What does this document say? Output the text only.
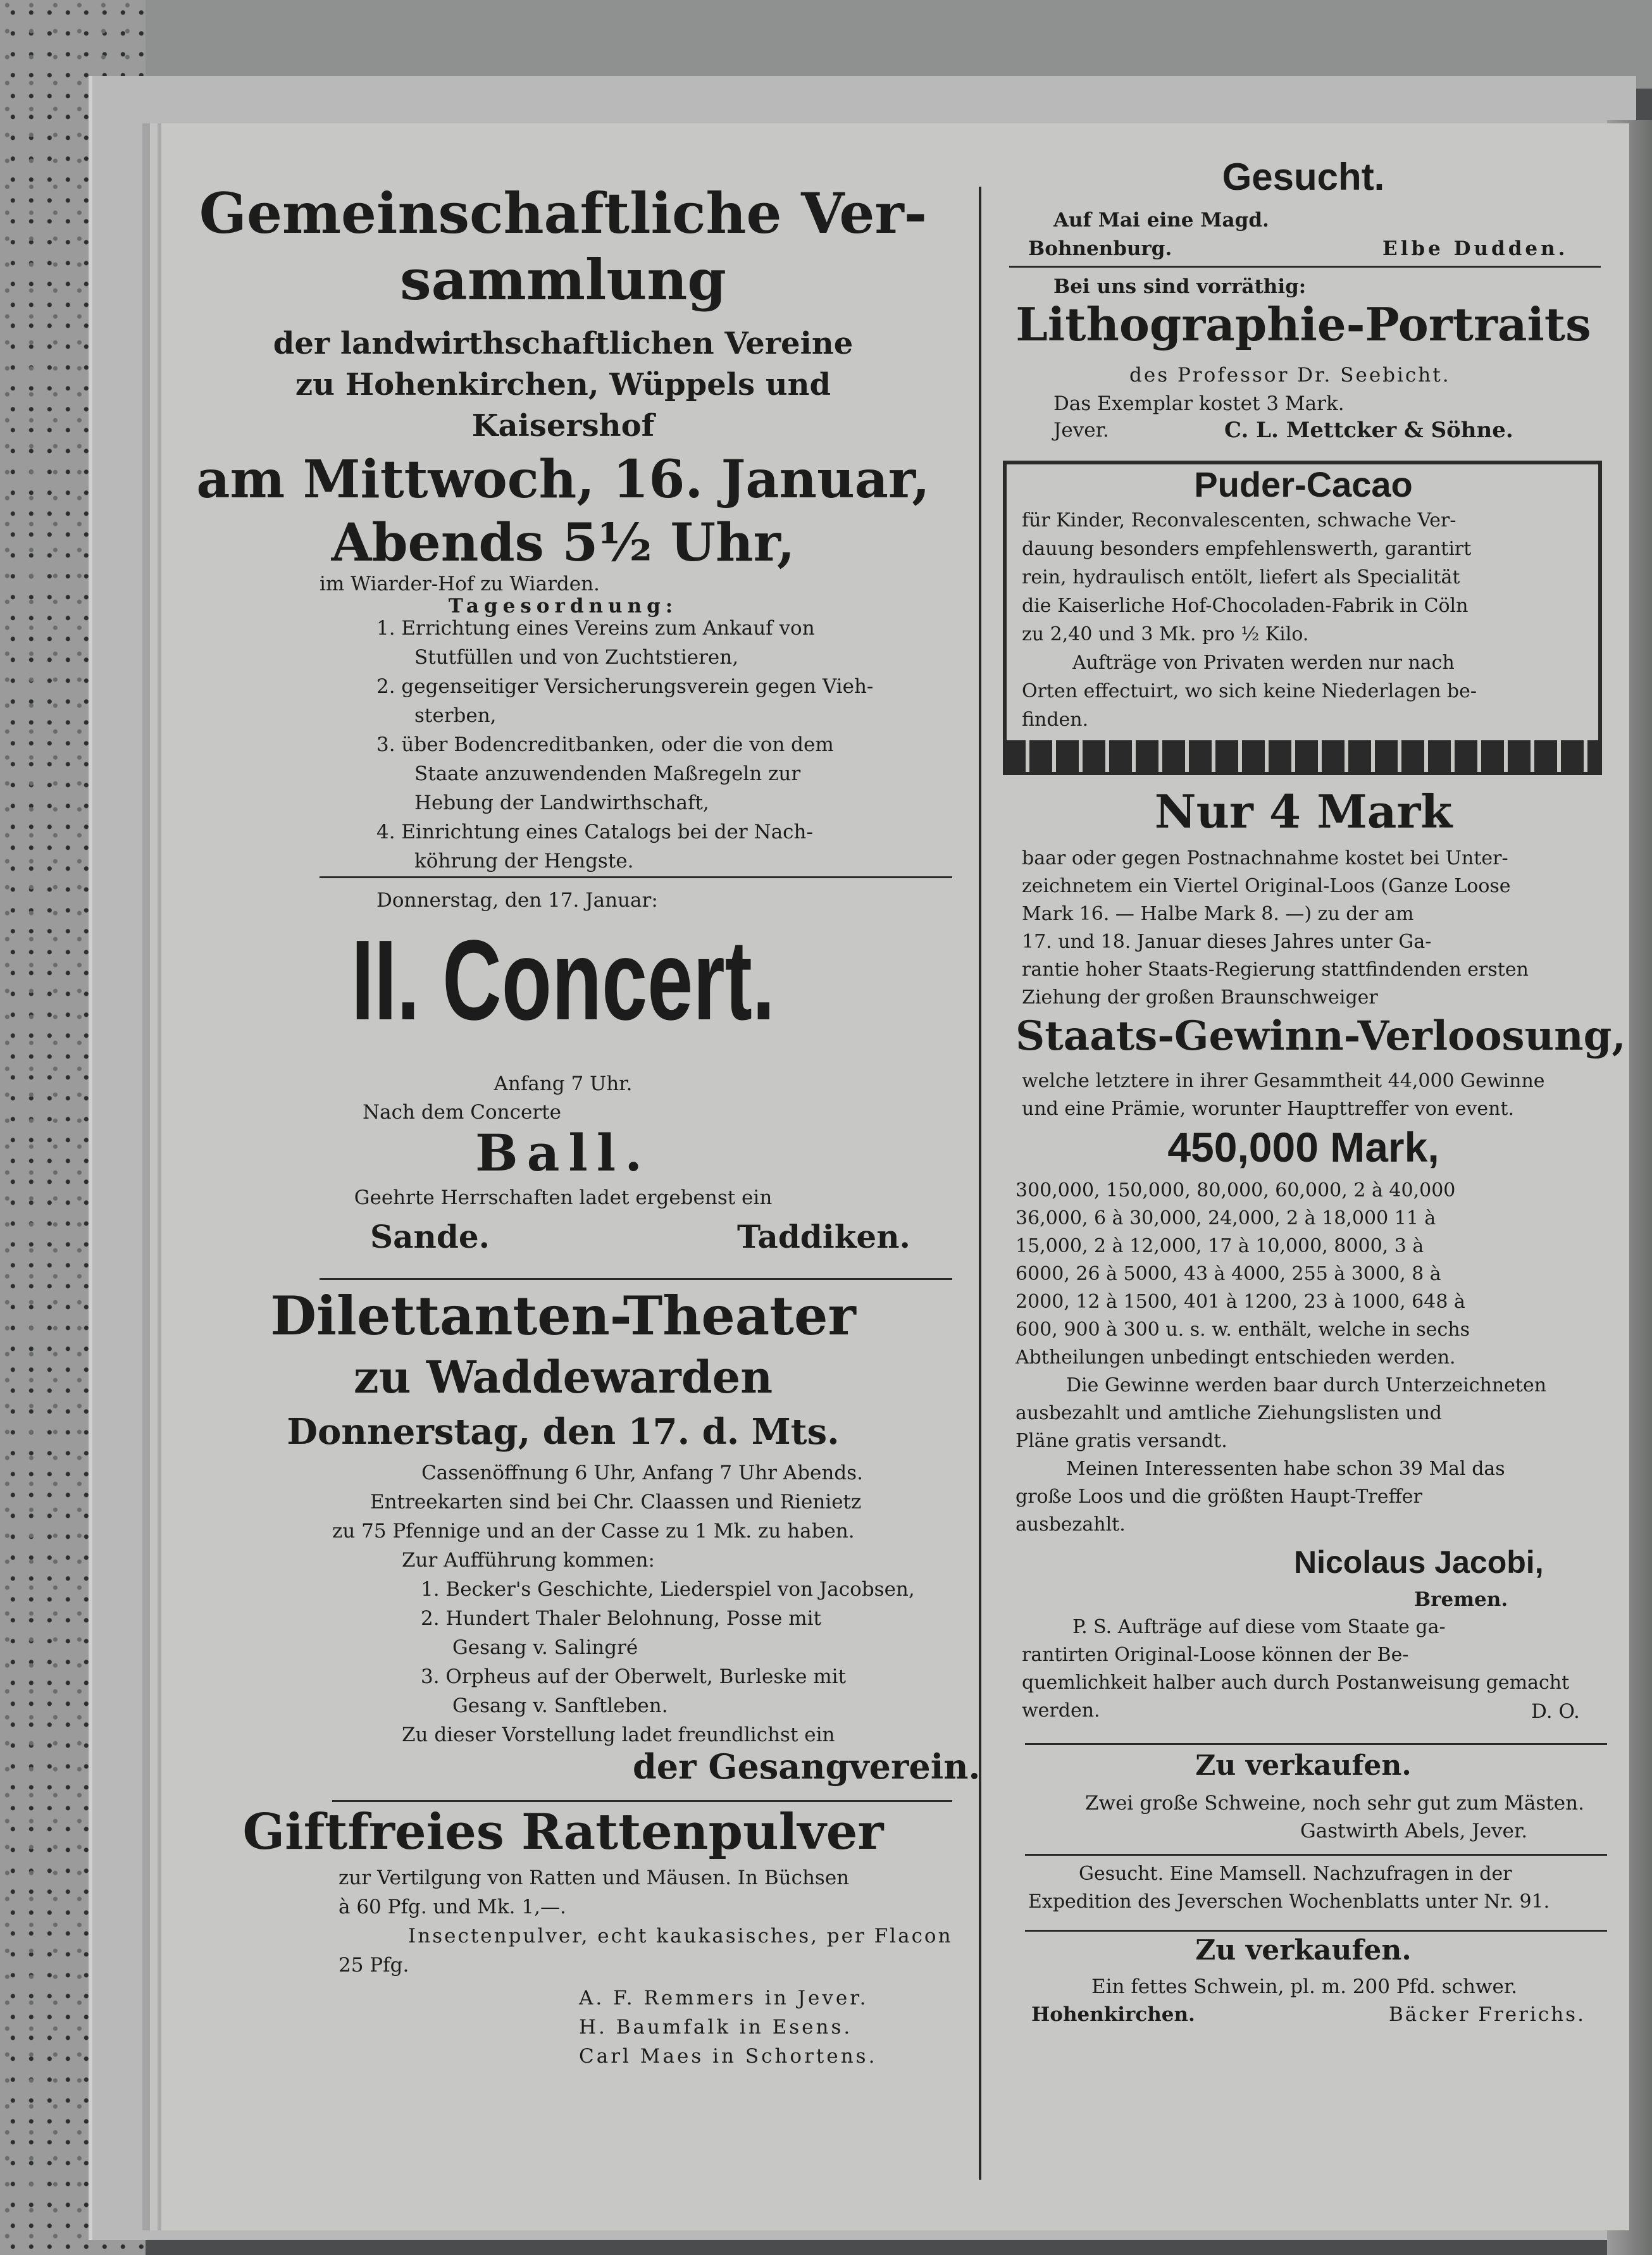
Gemeinschaftliche Ver-

sammlung

der landwirthschaftlichen Vereine

zu Hohenkirchen, Wüppels und

Kaisershof

am Mittwoch, 16. Januar,

Abends 5½ Uhr,

im Wiarder-Hof zu Wiarden.

Tagesordnung:

1. Errichtung eines Vereins zum Ankauf von
Stutfüllen und von Zuchtstieren,
2. gegenseitiger Versicherungsverein gegen Vieh-
sterben,
3. über Bodencreditbanken, oder die von dem
Staate anzuwendenden Maßregeln zur
Hebung der Landwirthschaft,
4. Einrichtung eines Catalogs bei der Nach-
köhrung der Hengste.

Donnerstag, den 17. Januar:

II. Concert.

Anfang 7 Uhr.

Nach dem Concerte

Ball.

Geehrte Herrschaften ladet ergebenst ein

Sande.	Taddiken.

Dilettanten-Theater

zu Waddewarden

Donnerstag, den 17. d. Mts.

Cassenöffnung 6 Uhr, Anfang 7 Uhr Abends.
Entreekarten sind bei Chr. Claassen und Rienietz
zu 75 Pfennige und an der Casse zu 1 Mk. zu haben.
Zur Aufführung kommen:
1. Becker's Geschichte, Liederspiel von Jacobsen,
2. Hundert Thaler Belohnung, Posse mit
Gesang v. Salingré
3. Orpheus auf der Oberwelt, Burleske mit
Gesang v. Sanftleben.
Zu dieser Vorstellung ladet freundlichst ein

der Gesangverein.

Giftfreies Rattenpulver

zur Vertilgung von Ratten und Mäusen. In Büchsen
à 60 Pfg. und Mk. 1,—.
Insectenpulver, echt kaukasisches, per Flacon
25 Pfg.
A. F. Remmers in Jever.
H. Baumfalk in Esens.
Carl Maes in Schortens.

Gesucht.

Auf Mai eine Magd.

Bohnenburg.	Elbe Dudden.

Bei uns sind vorräthig:

Lithographie-Portraits

des Professor Dr. Seebicht.

Das Exemplar kostet 3 Mark.

Jever.	C. L. Mettcker & Söhne.

Puder-Cacao

für Kinder, Reconvalescenten, schwache Ver-
dauung besonders empfehlenswerth, garantirt
rein, hydraulisch entölt, liefert als Specialität
die Kaiserliche Hof-Chocoladen-Fabrik in Cöln
zu 2,40 und 3 Mk. pro ½ Kilo.
Aufträge von Privaten werden nur nach
Orten effectuirt, wo sich keine Niederlagen be-
finden.

Nur 4 Mark

baar oder gegen Postnachnahme kostet bei Unter-
zeichnetem ein Viertel Original-Loos (Ganze Loose
Mark 16. — Halbe Mark 8. —) zu der am
17. und 18. Januar dieses Jahres unter Ga-
rantie hoher Staats-Regierung stattfindenden ersten
Ziehung der großen Braunschweiger

Staats-Gewinn-Verloosung,

welche letztere in ihrer Gesammtheit 44,000 Gewinne
und eine Prämie, worunter Haupttreffer von event.

450,000 Mark,

300,000, 150,000, 80,000, 60,000, 2 à 40,000
36,000, 6 à 30,000, 24,000, 2 à 18,000 11 à
15,000, 2 à 12,000, 17 à 10,000, 8000, 3 à
6000, 26 à 5000, 43 à 4000, 255 à 3000, 8 à
2000, 12 à 1500, 401 à 1200, 23 à 1000, 648 à
600, 900 à 300 u. s. w. enthält, welche in sechs
Abtheilungen unbedingt entschieden werden.
Die Gewinne werden baar durch Unterzeichneten
ausbezahlt und amtliche Ziehungslisten und
Pläne gratis versandt.
Meinen Interessenten habe schon 39 Mal das
große Loos und die größten Haupt-Treffer
ausbezahlt.

Nicolaus Jacobi,

Bremen.

P. S. Aufträge auf diese vom Staate ga-
rantirten Original-Loose können der Be-
quemlichkeit halber auch durch Postanweisung gemacht
werden.	D. O.

Zu verkaufen.

Zwei große Schweine, noch sehr gut zum Mästen.

Gastwirth Abels, Jever.

Gesucht. Eine Mamsell. Nachzufragen in der
Expedition des Jeverschen Wochenblatts unter Nr. 91.

Zu verkaufen.

Ein fettes Schwein, pl. m. 200 Pfd. schwer.

Hohenkirchen.	Bäcker Frerichs.
